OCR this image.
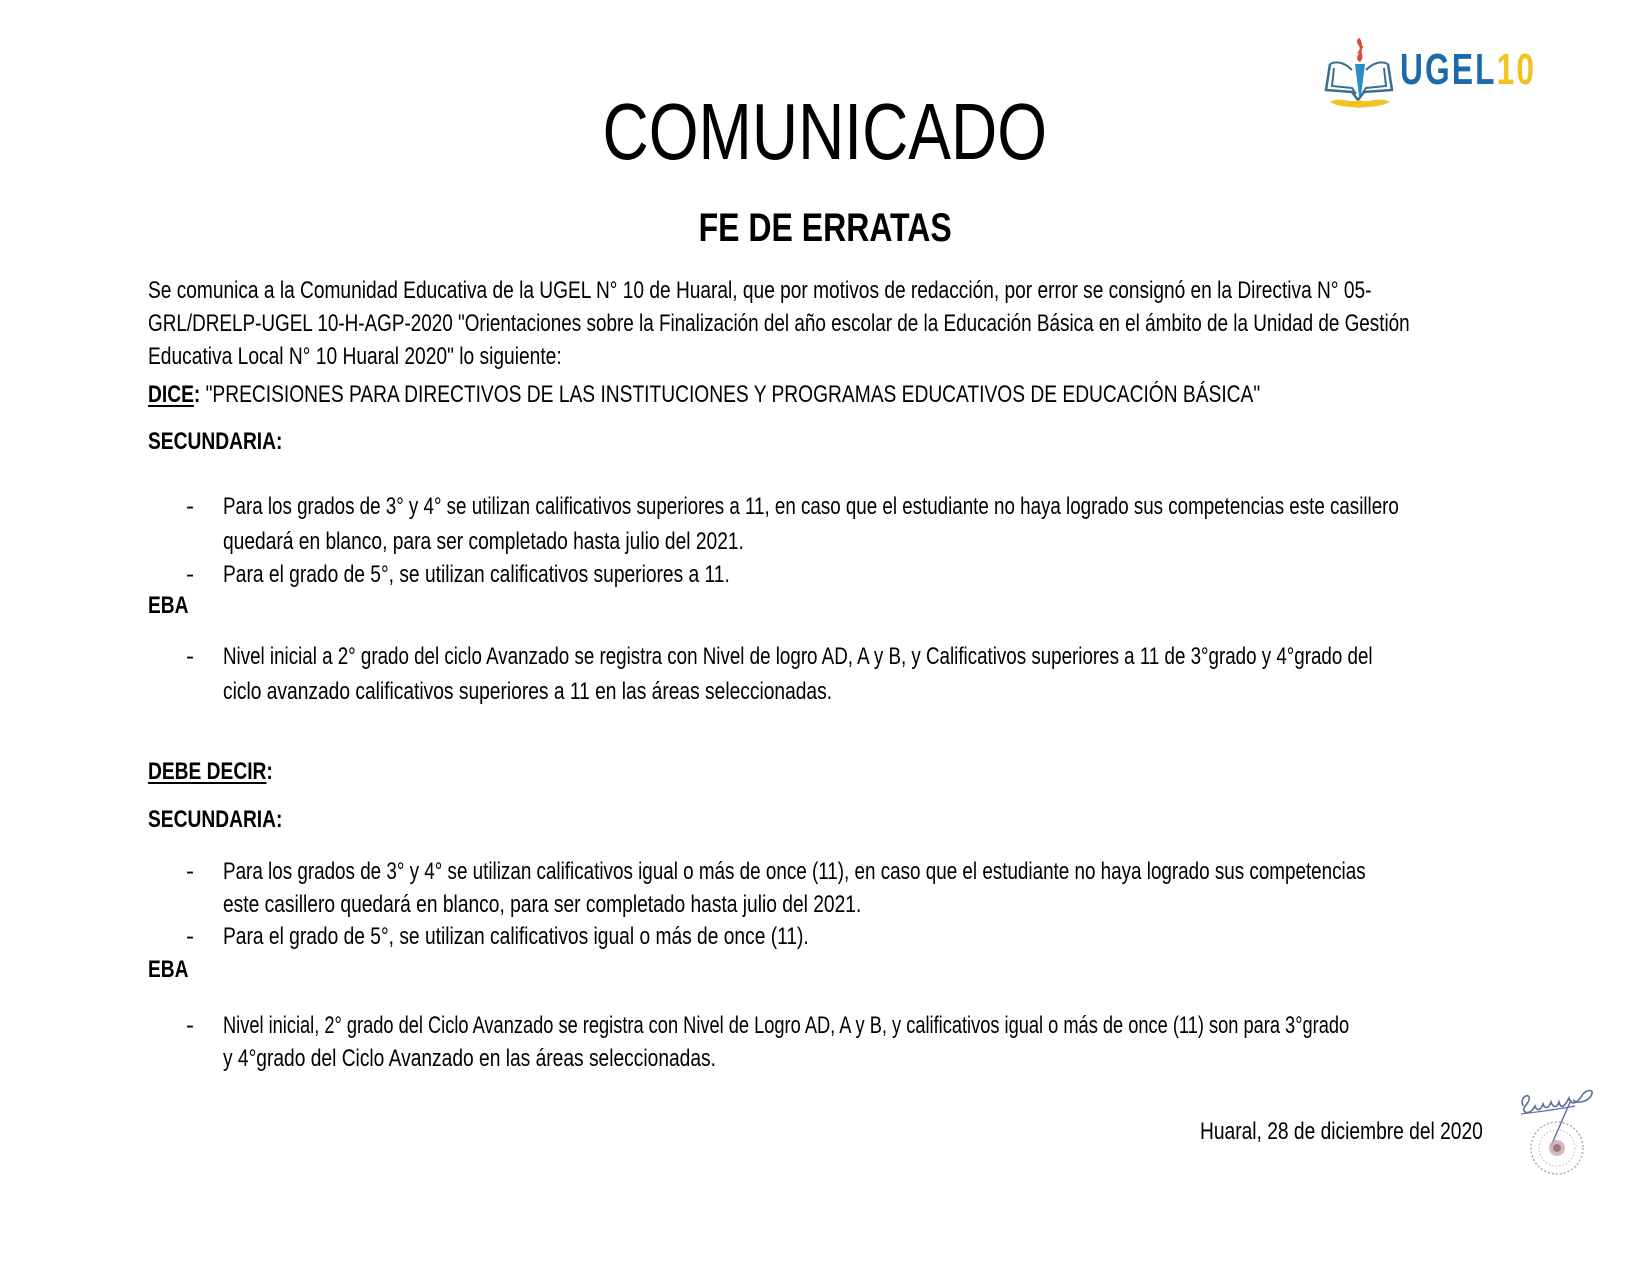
UGEL10
COMUNICADO
FE DE ERRATAS
Se comunica a la Comunidad Educativa de la UGEL N° 10 de Huaral, que por motivos de redacción, por error se consignó en la Directiva N° 05-
GRL/DRELP-UGEL 10-H-AGP-2020 "Orientaciones sobre la Finalización del año escolar de la Educación Básica en el ámbito de la Unidad de Gestión
Educativa Local N° 10 Huaral 2020" lo siguiente:
DICE: "PRECISIONES PARA DIRECTIVOS DE LAS INSTITUCIONES Y PROGRAMAS EDUCATIVOS DE EDUCACIÓN BÁSICA"
SECUNDARIA:
- Para los grados de 3° y 4° se utilizan calificativos superiores a 11, en caso que el estudiante no haya logrado sus competencias este casillero
quedará en blanco, para ser completado hasta julio del 2021.
- Para el grado de 5°, se utilizan calificativos superiores a 11.
EBA
- Nivel inicial a 2° grado del ciclo Avanzado se registra con Nivel de logro AD, A y B, y Calificativos superiores a 11 de 3°grado y 4°grado del
ciclo avanzado calificativos superiores a 11 en las áreas seleccionadas.
DEBE DECIR:
SECUNDARIA:
- Para los grados de 3° y 4° se utilizan calificativos igual o más de once (11), en caso que el estudiante no haya logrado sus competencias
este casillero quedará en blanco, para ser completado hasta julio del 2021.
- Para el grado de 5°, se utilizan calificativos igual o más de once (11).
EBA
- Nivel inicial, 2° grado del Ciclo Avanzado se registra con Nivel de Logro AD, A y B, y calificativos igual o más de once (11) son para 3°grado
y 4°grado del Ciclo Avanzado en las áreas seleccionadas.
Huaral, 28 de diciembre del 2020
